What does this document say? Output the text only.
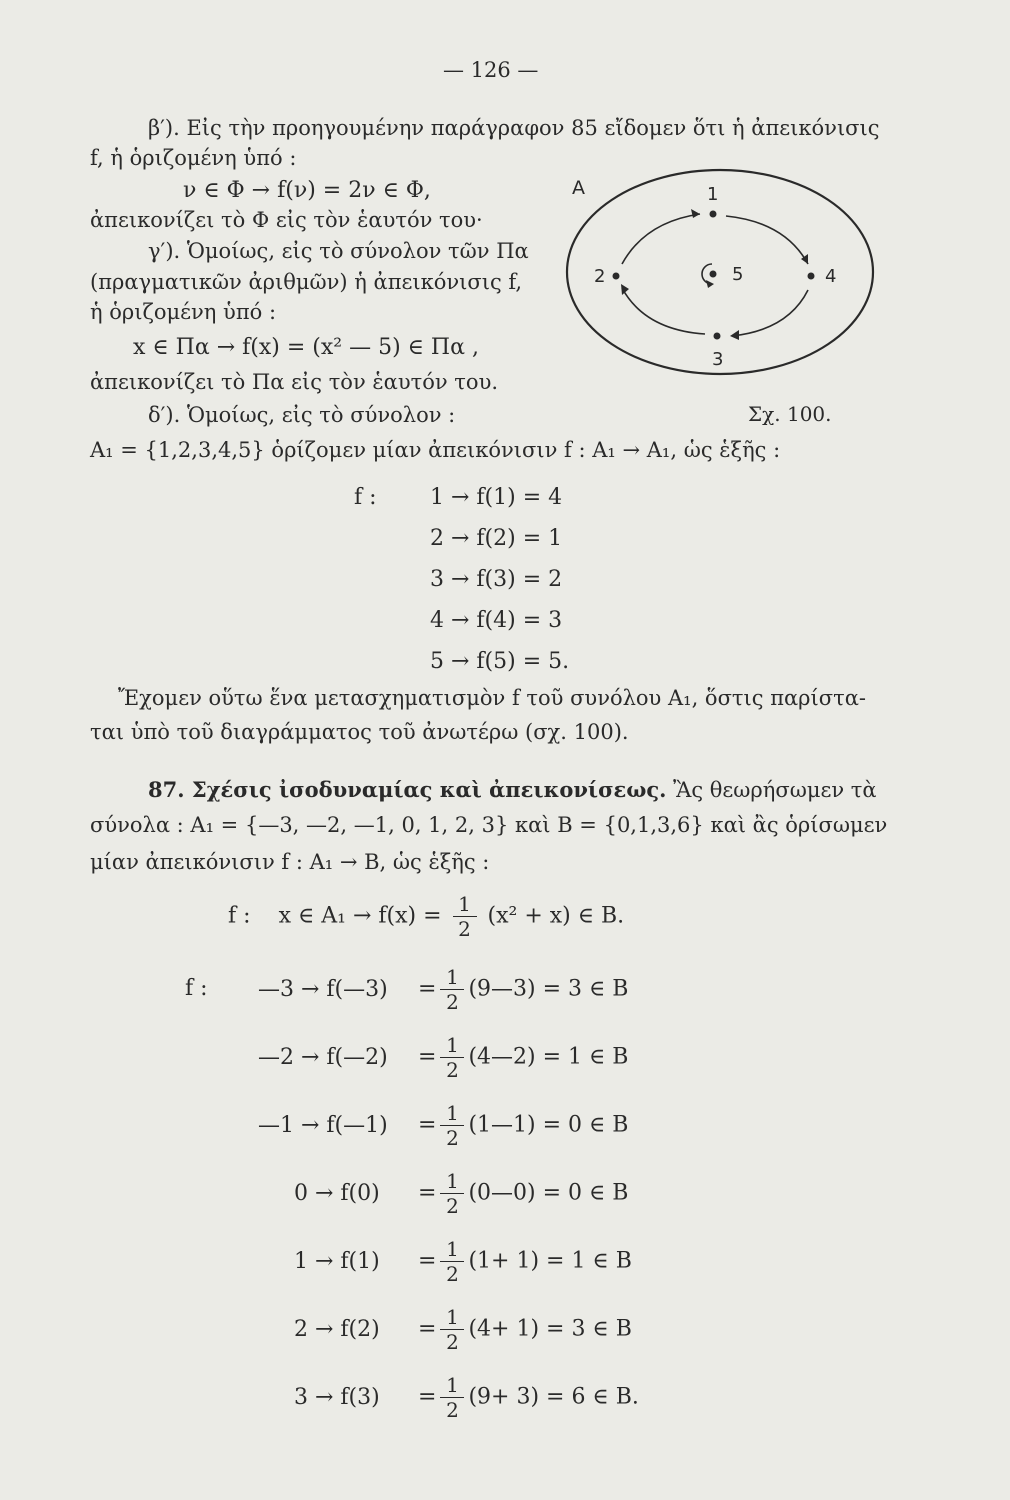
— 126 —
β′). Εἰς τὴν προηγουμένην παράγραφον 85 εἴδομεν ὅτι ἡ ἀπεικόνισις
f, ἡ ὁριζομένη ὑπό :
ν ∈ Φ → f(ν) = 2ν ∈ Φ,
ἀπεικονίζει τὸ Φ εἰς τὸν ἑαυτόν του·
γ′). Ὁμοίως, εἰς τὸ σύνολον τῶν Πα
(πραγματικῶν ἀριθμῶν) ἡ ἀπεικόνισις f,
ἡ ὁριζομένη ὑπό :
x ∈ Πα → f(x) = (x² — 5) ∈ Πα ,
ἀπεικονίζει τὸ Πα εἰς τὸν ἑαυτόν του.
δ′). Ὁμοίως, εἰς τὸ σύνολον :
A₁ = {1,2,3,4,5} ὁρίζομεν μίαν ἀπεικόνισιν f : A₁ → A₁, ὡς ἑξῆς :
A	1
2
3
4
5
Σχ. 100.
f : 1 → f(1) = 4
2 → f(2) = 1
3 → f(3) = 2
4 → f(4) = 3
5 → f(5) = 5.
Ἔχομεν οὕτω ἕνα μετασχηματισμὸν f τοῦ συνόλου A₁, ὅστις παρίστα-
ται ὑπὸ τοῦ διαγράμματος τοῦ ἀνωτέρω (σχ. 100).
87. Σχέσις ἰσοδυναμίας καὶ ἀπεικονίσεως. Ἂς θεωρήσωμεν τὰ
σύνολα : A₁ = {—3, —2, —1, 0, 1, 2, 3} καὶ B = {0,1,3,6} καὶ ἂς ὁρίσωμεν
μίαν ἀπεικόνισιν f : A₁ → B, ὡς ἑξῆς :
f : x ∈ $A_1 \to f(x) = \frac{1}{2} (x^2 + x)$ ∈ B.
f : —3 → f(—3) = $\frac{1}{2}$ (9—3) = 3 ∈ B
—2 → f(—2) = $\frac{1}{2}$ (4—2) = 1 ∈ B
—1 → f(—1) = $\frac{1}{2}$ (1—1) = 0 ∈ B
$0 \to f(0) = \frac{1}{2}$ (0—0) = 0 ∈ B
$1 \to f(1) = \frac{1}{2} (1+ 1) = 1$ ∈ B
$2 \to f(2) = \frac{1}{2} (4+ 1) = 3$ ∈ B
$3 \to f(3) = \frac{1}{2} (9+ 3) = 6$ ∈ B.
